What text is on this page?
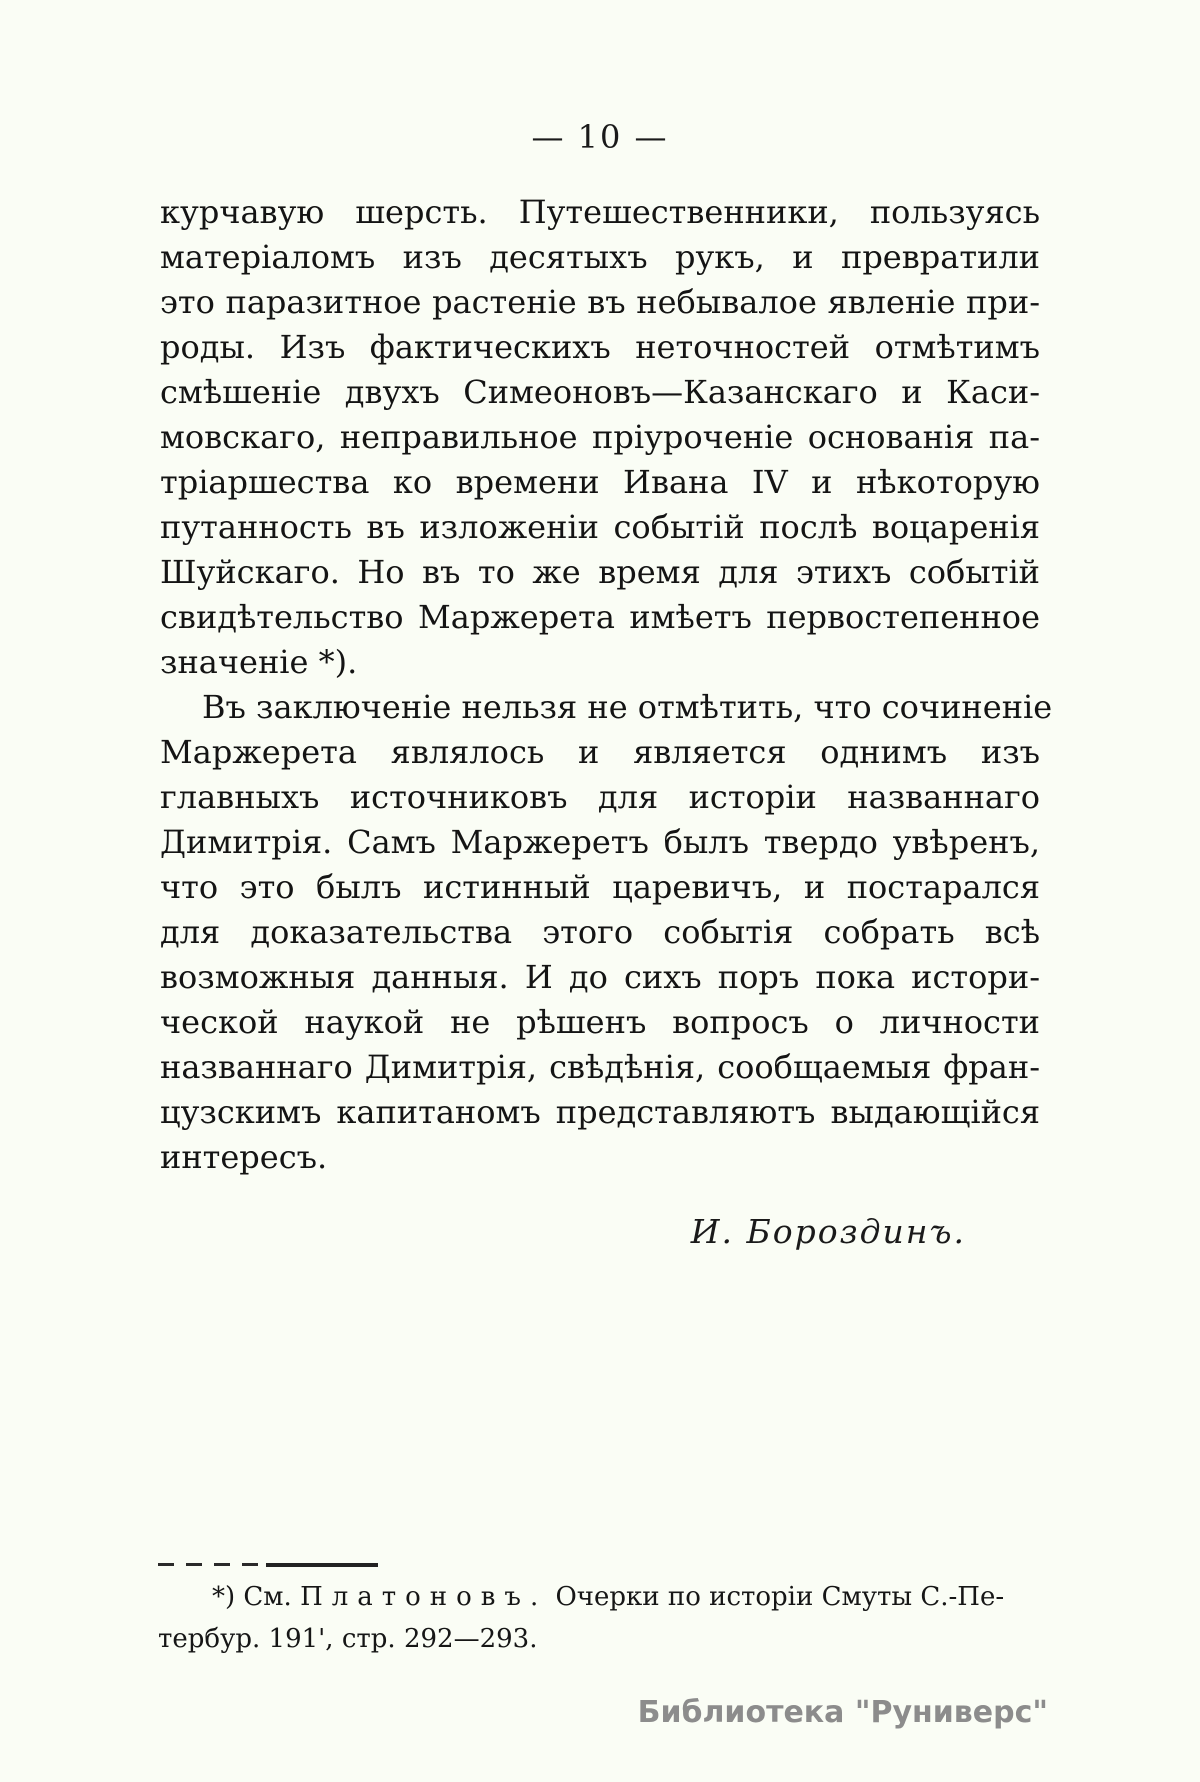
— 10 —
курчавую шерсть. Путешественники, пользуясь
матеріаломъ изъ десятыхъ рукъ, и превратили
это паразитное растеніе въ небывалое явленіе при-
роды. Изъ фактическихъ неточностей отмѣтимъ
смѣшеніе двухъ Симеоновъ—Казанскаго и Каси-
мовскаго, неправильное пріуроченіе основанія па-
тріаршества ко времени Ивана IV и нѣкоторую
путанность въ изложеніи событій послѣ воцаренія
Шуйскаго. Но въ то же время для этихъ событій
свидѣтельство Маржерета имѣетъ первостепенное
значеніе *).
Въ заключеніе нельзя не отмѣтить, что сочиненіе
Маржерета являлось и является однимъ изъ
главныхъ источниковъ для исторіи названнаго
Димитрія. Самъ Маржеретъ былъ твердо увѣренъ,
что это былъ истинный царевичъ, и постарался
для доказательства этого событія собрать всѣ
возможныя данныя. И до сихъ поръ пока истори-
ческой наукой не рѣшенъ вопросъ о личности
названнаго Димитрія, свѣдѣнія, сообщаемыя фран-
цузскимъ капитаномъ представляютъ выдающійся
интересъ.
И. Бороздинъ.
*) См. Платоновъ. Очерки по исторіи Смуты С.-Пе-
тербур. 191', стр. 292—293.
Библиотека "Руниверс"
